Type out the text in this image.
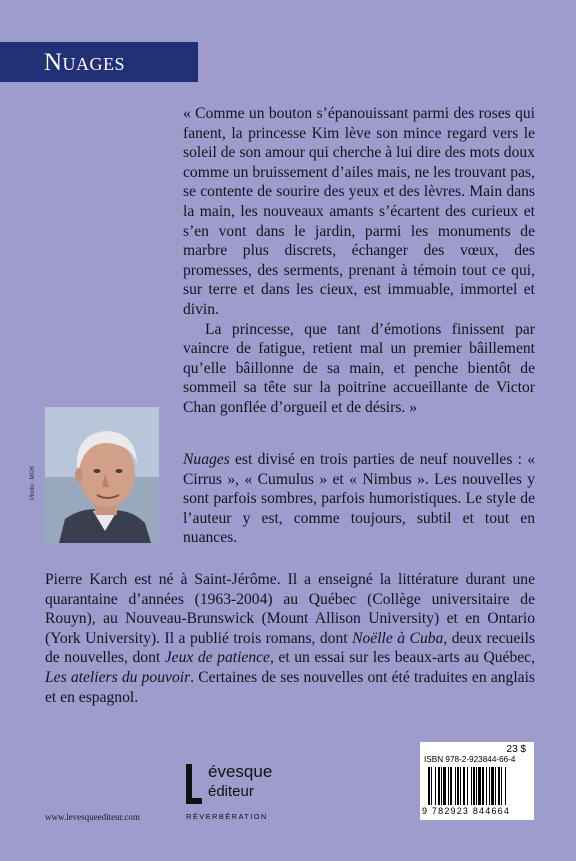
Nuages

« Comme un bouton s’épanouissant parmi des roses qui fanent, la princesse Kim lève son mince regard vers le soleil de son amour qui cherche à lui dire des mots doux comme un bruissement d’ailes mais, ne les trouvant pas, se contente de sourire des yeux et des lèvres. Main dans la main, les nouveaux amants s’écartent des curieux et s’en vont dans le jardin, parmi les monuments de marbre plus discrets, échanger des vœux, des promesses, des serments, prenant à témoin tout ce qui, sur terre et dans les cieux, est immuable, immortel et divin.

La princesse, que tant d’émotions finissent par vaincre de fatigue, retient mal un premier bâillement qu’elle bâillonne de sa main, et penche bientôt de sommeil sa tête sur la poitrine accueillante de Victor Chan gonflée d’orgueil et de désirs. »

Photo : MOK

Nuages est divisé en trois parties de neuf nouvelles : « Cirrus », « Cumulus » et « Nimbus ». Les nouvelles y sont parfois sombres, parfois humoristiques. Le style de l’auteur y est, comme toujours, subtil et tout en nuances.

Pierre Karch est né à Saint-Jérôme. Il a enseigné la littérature durant une quarantaine d’années (1963-2004) au Québec (Collège universitaire de Rouyn), au Nouveau-Brunswick (Mount Allison University) et en Ontario (York University). Il a publié trois romans, dont Noëlle à Cuba, deux recueils de nouvelles, dont Jeux de patience, et un essai sur les beaux-arts au Québec, Les ateliers du pouvoir. Certaines de ses nouvelles ont été traduites en anglais et en espagnol.

www.levesqueediteur.com
évesque
éditeur
RÉVERBÉRATION
23 $
ISBN 978-2-923844-66-4
9 782923 844664
